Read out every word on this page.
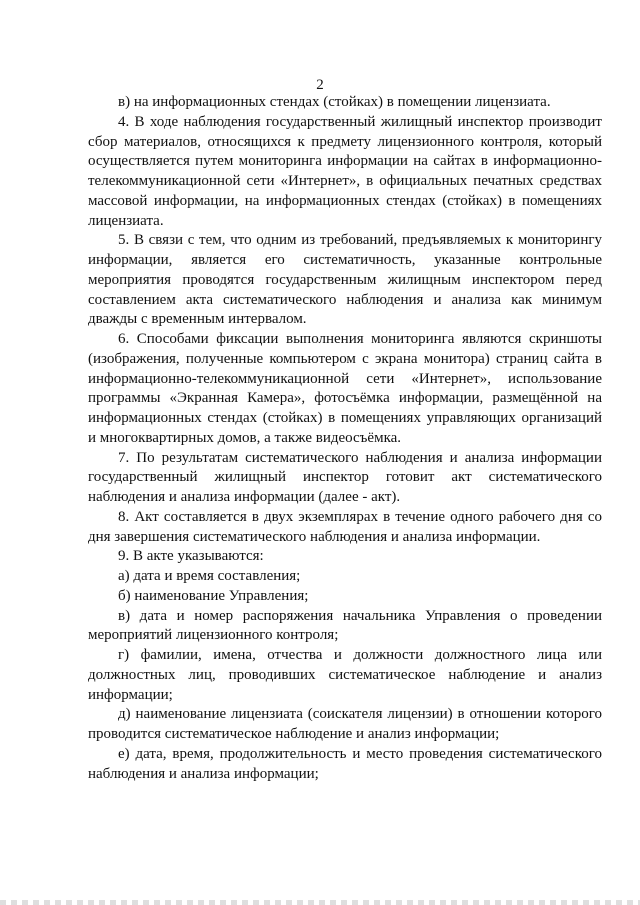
2

в) на информационных стендах (стойках) в помещении лицензиата.

4. В ходе наблюдения государственный жилищный инспектор производит сбор материалов, относящихся к предмету лицензионного контроля, который осуществляется путем мониторинга информации на сайтах в информационно-телекоммуникационной сети «Интернет», в официальных печатных средствах массовой информации, на информационных стендах (стойках) в помещениях лицензиата.

5. В связи с тем, что одним из требований, предъявляемых к мониторингу информации, является его систематичность, указанные контрольные мероприятия проводятся государственным жилищным инспектором перед составлением акта систематического наблюдения и анализа как минимум дважды с временным интервалом.

6. Способами фиксации выполнения мониторинга являются скриншоты (изображения, полученные компьютером с экрана монитора) страниц сайта в информационно-телекоммуникационной сети «Интернет», использование программы «Экранная Камера», фотосъёмка информации, размещённой на информационных стендах (стойках) в помещениях управляющих организаций и многоквартирных домов, а также видеосъёмка.

7. По результатам систематического наблюдения и анализа информации государственный жилищный инспектор готовит акт систематического наблюдения и анализа информации (далее - акт).

8. Акт составляется в двух экземплярах в течение одного рабочего дня со дня завершения систематического наблюдения и анализа информации.

9. В акте указываются:

а) дата и время составления;

б) наименование Управления;

в) дата и номер распоряжения начальника Управления о проведении мероприятий лицензионного контроля;

г) фамилии, имена, отчества и должности должностного лица или должностных лиц, проводивших систематическое наблюдение и анализ информации;

д) наименование лицензиата (соискателя лицензии) в отношении которого проводится систематическое наблюдение и анализ информации;

е) дата, время, продолжительность и место проведения систематического наблюдения и анализа информации;
